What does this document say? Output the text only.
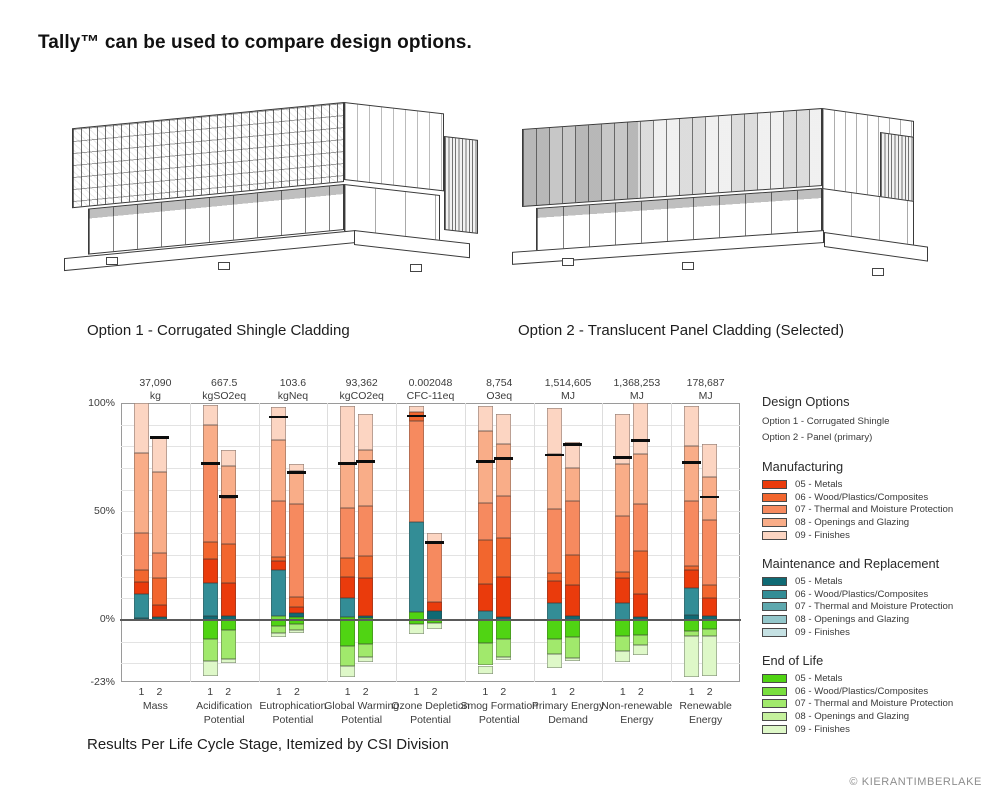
Tally™ can be used to compare design options.
Option 1 - Corrugated Shingle Cladding	Option 2 - Translucent Panel Cladding (Selected)
100%
50%
0%
-23%
37,090
kg
1	2
Mass
667.5
kgSO2eq
1	2
Acidification
Potential
103.6
kgNeq
1	2
Eutrophication
Potential
93,362
kgCO2eq
1	2
Global Warming
Potential
0.002048
CFC-11eq
1	2
Ozone Depletion
Potential
8,754
O3eq
1	2
Smog Formation
Potential
1,514,605
MJ
1	2
Primary Energy
Demand
1,368,253
MJ
1	2
Non-renewable
Energy
178,687
MJ
1	2
Renewable
Energy
Design Options
Option 1 - Corrugated Shingle
Option 2 - Panel (primary)
Manufacturing
05 - Metals
06 - Wood/Plastics/Composites
07 - Thermal and Moisture Protection
08 - Openings and Glazing
09 - Finishes
Maintenance and Replacement
05 - Metals
06 - Wood/Plastics/Composites
07 - Thermal and Moisture Protection
08 - Openings and Glazing
09 - Finishes
End of Life
05 - Metals
06 - Wood/Plastics/Composites
07 - Thermal and Moisture Protection
08 - Openings and Glazing
09 - Finishes
Results Per Life Cycle Stage, Itemized by CSI Division
© KIERANTIMBERLAKE
